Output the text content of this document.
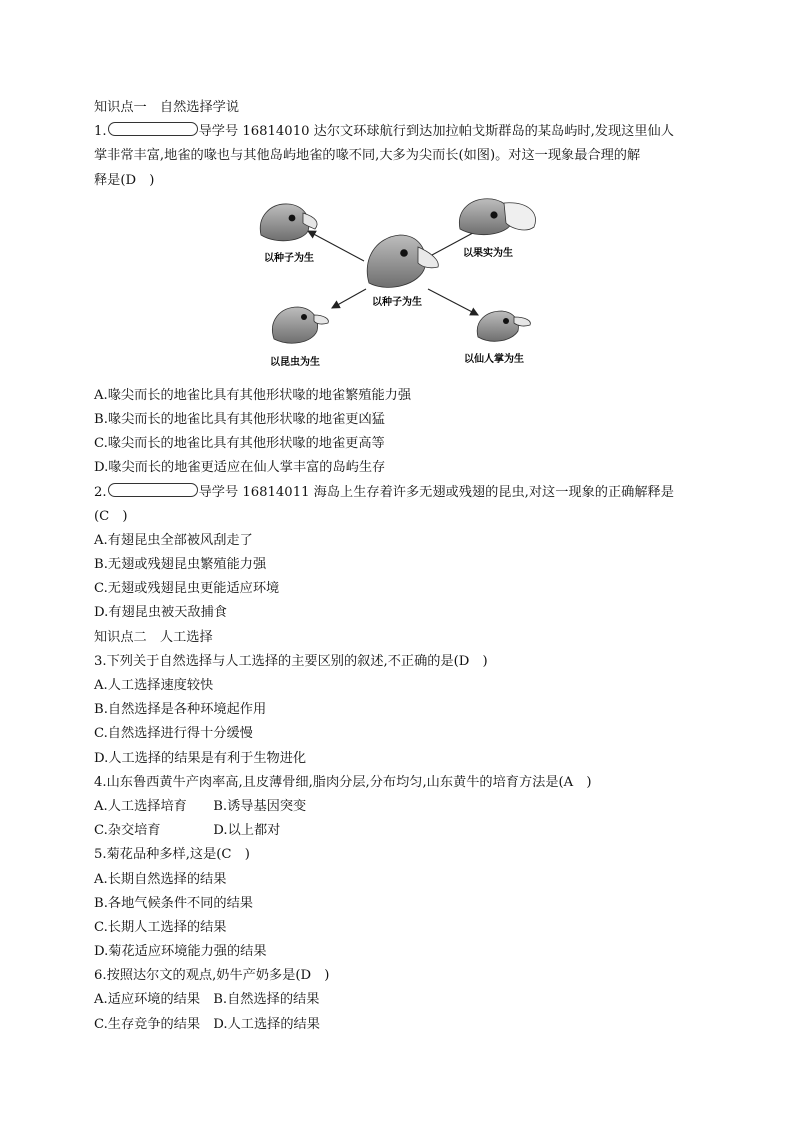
知识点一　自然选择学说
1.	导学号 16814010 达尔文环球航行到达加拉帕戈斯群岛的某岛屿时,发现这里仙人
掌非常丰富,地雀的喙也与其他岛屿地雀的喙不同,大多为尖而长(如图)。对这一现象最合理的解
释是(D　)
以种子为生	以果实为生
以种子为生
以昆虫为生	以仙人掌为生
A.喙尖而长的地雀比具有其他形状喙的地雀繁殖能力强
B.喙尖而长的地雀比具有其他形状喙的地雀更凶猛
C.喙尖而长的地雀比具有其他形状喙的地雀更高等
D.喙尖而长的地雀更适应在仙人掌丰富的岛屿生存
2.	导学号 16814011 海岛上生存着许多无翅或残翅的昆虫,对这一现象的正确解释是
(C　)
A.有翅昆虫全部被风刮走了
B.无翅或残翅昆虫繁殖能力强
C.无翅或残翅昆虫更能适应环境
D.有翅昆虫被天敌捕食
知识点二　人工选择
3.下列关于自然选择与人工选择的主要区别的叙述,不正确的是(D　)
A.人工选择速度较快
B.自然选择是各种环境起作用
C.自然选择进行得十分缓慢
D.人工选择的结果是有利于生物进化
4.山东鲁西黄牛产肉率高,且皮薄骨细,脂肉分层,分布均匀,山东黄牛的培育方法是(A　)
A.人工选择培育　　B.诱导基因突变
C.杂交培育　　　　D.以上都对
5.菊花品种多样,这是(C　)
A.长期自然选择的结果
B.各地气候条件不同的结果
C.长期人工选择的结果
D.菊花适应环境能力强的结果
6.按照达尔文的观点,奶牛产奶多是(D　)
A.适应环境的结果　B.自然选择的结果
C.生存竞争的结果　D.人工选择的结果
